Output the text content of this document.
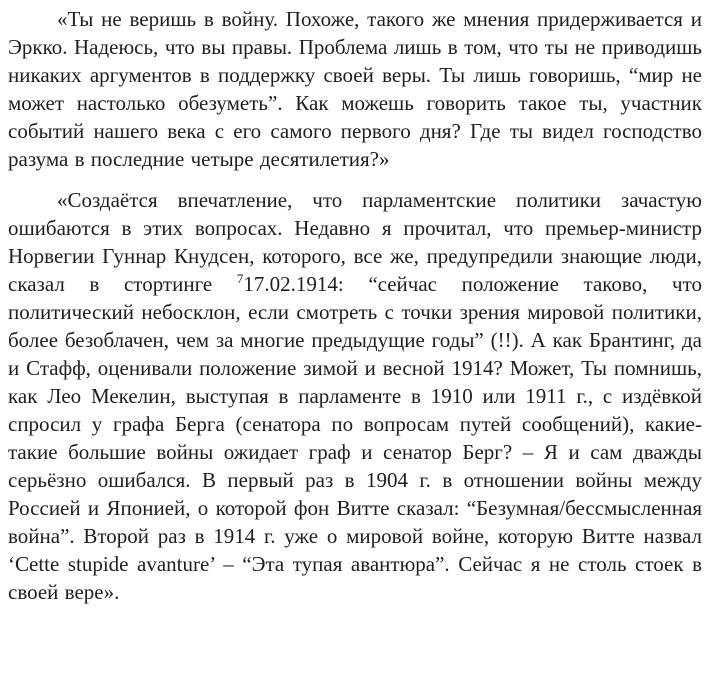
«Ты не веришь в войну. Похоже, такого же мнения придерживается и Эркко. Надеюсь, что вы правы. Проблема лишь в том, что ты не приводишь никаких аргументов в поддержку своей веры. Ты лишь говоришь, “мир не может настолько обезуметь”. Как можешь говорить такое ты, участник событий нашего века с его самого первого дня? Где ты видел господство разума в последние четыре десятилетия?»

«Создаётся впечатление, что парламентские политики зачастую ошибаются в этих вопросах. Недавно я прочитал, что премьер-министр Норвегии Гуннар Кнудсен, которого, все же, предупредили знающие люди, сказал в стортинге $^7$17.02.1914: “сейчас положение таково, что политический небосклон, если смотреть с точки зрения мировой политики, более безоблачен, чем за многие предыдущие годы” (!!). А как Брантинг, да и Стафф, оценивали положение зимой и весной 1914? Может, Ты помнишь, как Лео Мекелин, выступая в парламенте в 1910 или 1911 г., с издёвкой спросил у графа Берга (сенатора по вопросам путей сообщений), какие-такие большие войны ожидает граф и сенатор Берг? – Я и сам дважды серьёзно ошибался. В первый раз в 1904 г. в отношении войны между Россией и Японией, о которой фон Витте сказал: “Безумная/бессмысленная война”. Второй раз в 1914 г. уже о мировой войне, которую Витте назвал ‘Cette stupide avanture’ – “Эта тупая авантюра”. Сейчас я не столь стоек в своей вере».
